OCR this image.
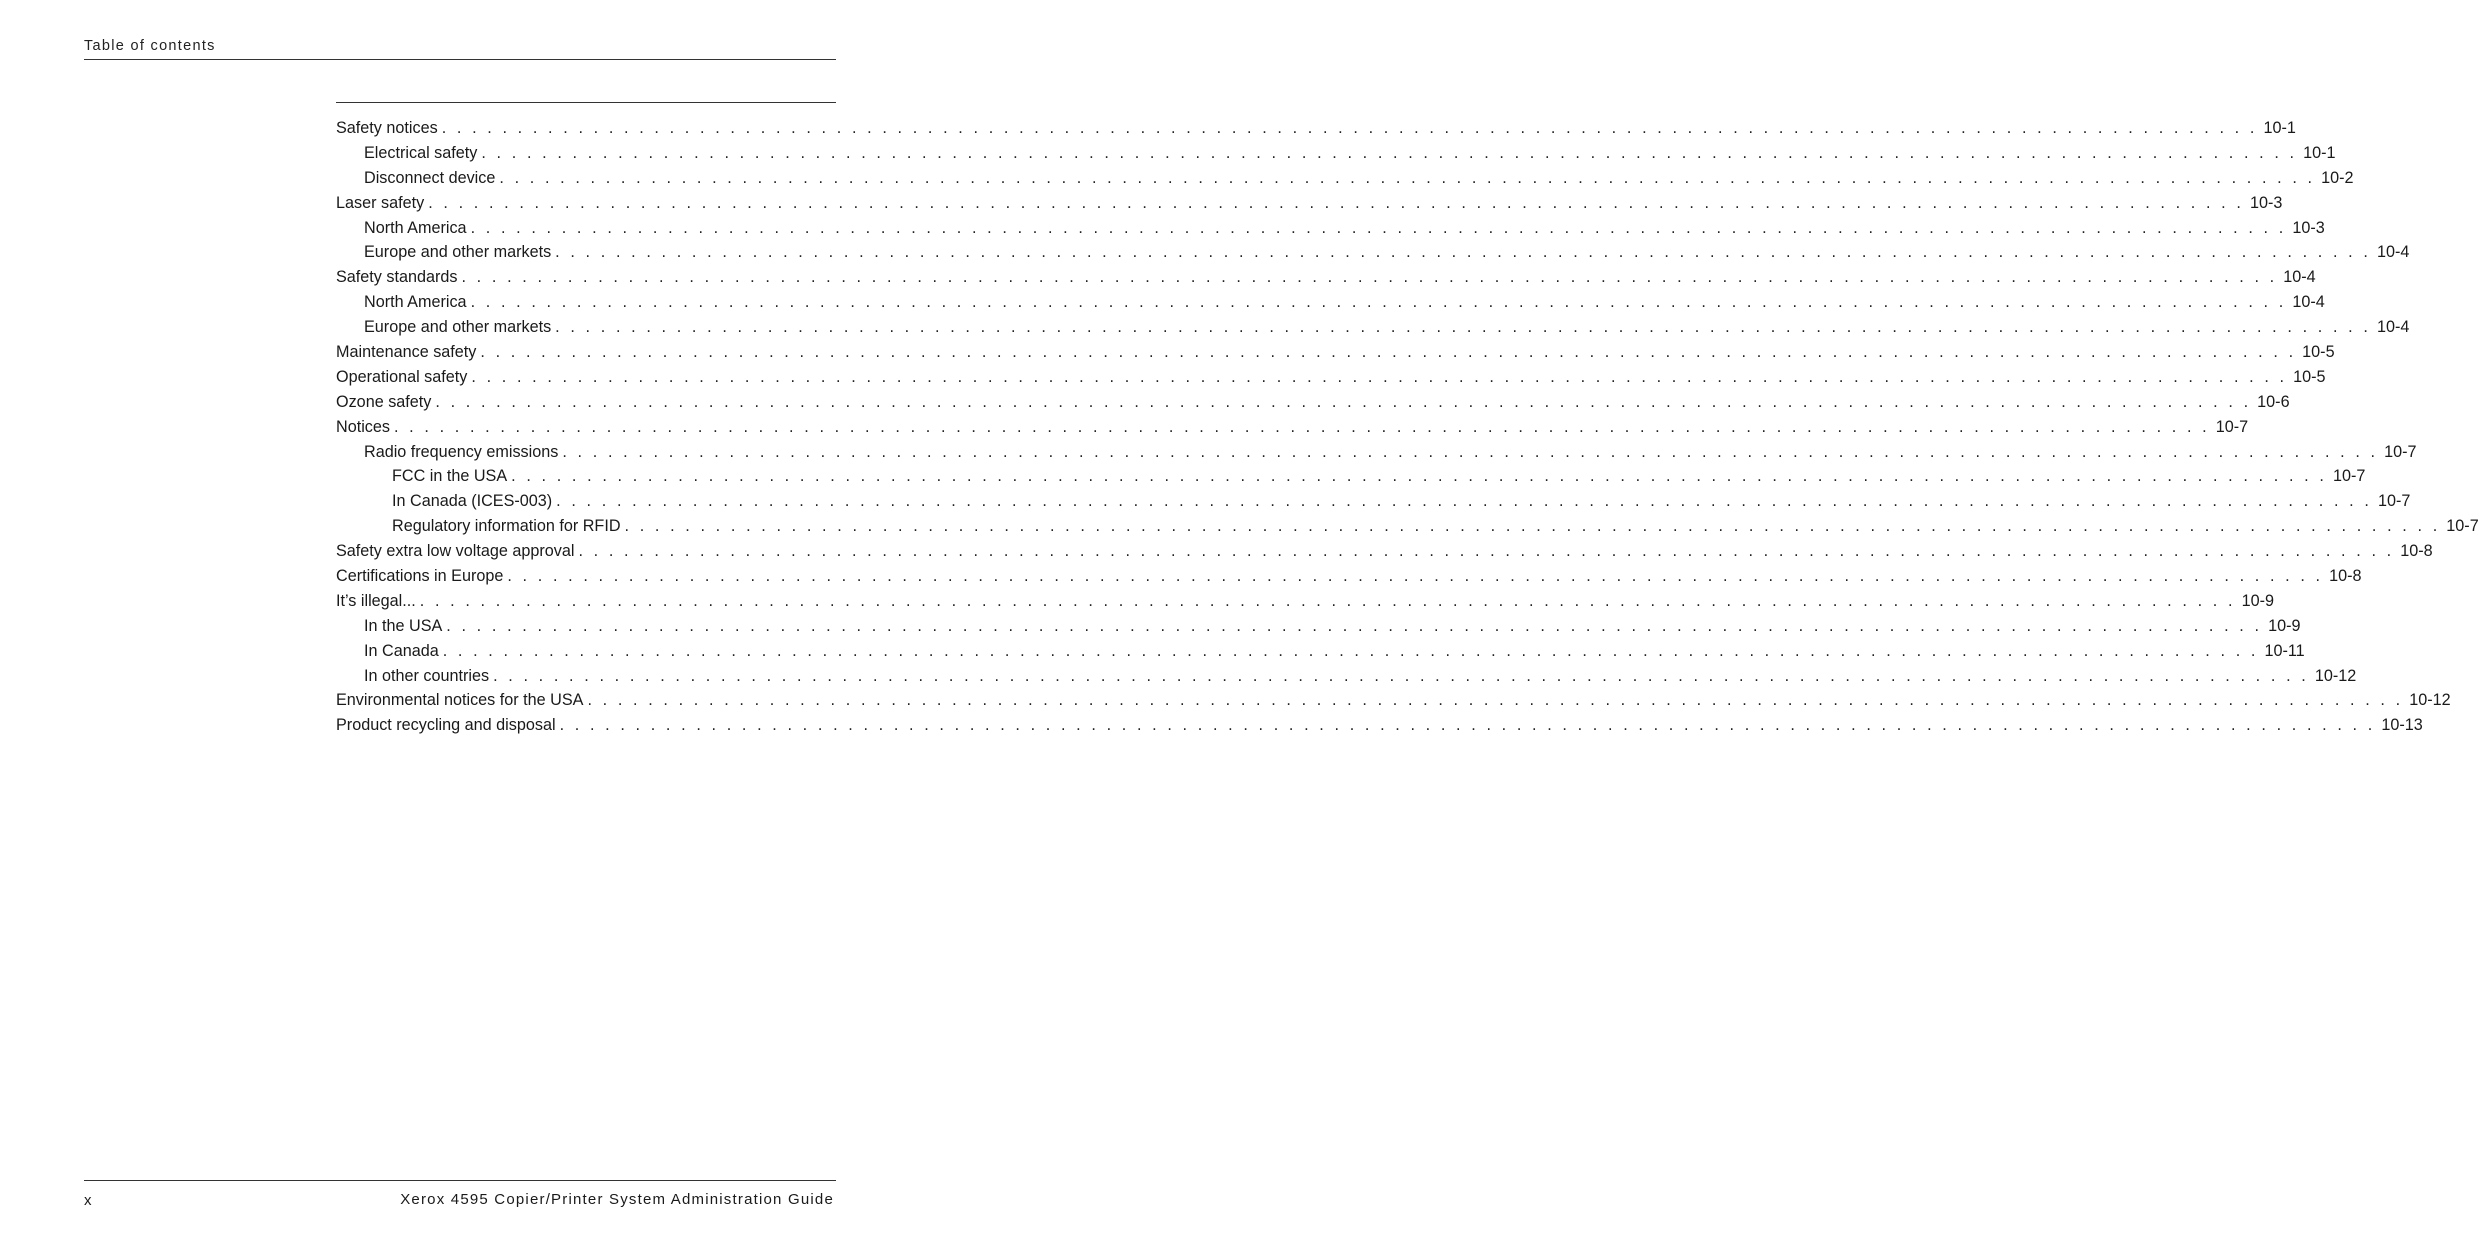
Table of contents
Safety notices . . . . . . . . . . . . . . . . . . . . . . . . . . . . . . . . . . . . . . . . . . . . . . . . . . . . . . . . . . . . . . . . . . . . . . . . . . . . . . . . . . . . . . . . . . . . . . . . . . . . . . . . . . . . . . . . . . . . . . . . 10-1
Electrical safety . . . . . . . . . . . . . . . . . . . . . . . . . . . . . . . . . . . . . . . . . . . . . . . . . . . . . . . . . . . . . . . . . . . . . . . . . . . . . . . . . . . . . . . . . . . . . . . . . . . . . . . . . . . . . . . . . . . . . . . . 10-1
Disconnect device . . . . . . . . . . . . . . . . . . . . . . . . . . . . . . . . . . . . . . . . . . . . . . . . . . . . . . . . . . . . . . . . . . . . . . . . . . . . . . . . . . . . . . . . . . . . . . . . . . . . . . . . . . . . . . . . . . . . . . . . 10-2
Laser safety . . . . . . . . . . . . . . . . . . . . . . . . . . . . . . . . . . . . . . . . . . . . . . . . . . . . . . . . . . . . . . . . . . . . . . . . . . . . . . . . . . . . . . . . . . . . . . . . . . . . . . . . . . . . . . . . . . . . . . . . 10-3
North America . . . . . . . . . . . . . . . . . . . . . . . . . . . . . . . . . . . . . . . . . . . . . . . . . . . . . . . . . . . . . . . . . . . . . . . . . . . . . . . . . . . . . . . . . . . . . . . . . . . . . . . . . . . . . . . . . . . . . . . . 10-3
Europe and other markets . . . . . . . . . . . . . . . . . . . . . . . . . . . . . . . . . . . . . . . . . . . . . . . . . . . . . . . . . . . . . . . . . . . . . . . . . . . . . . . . . . . . . . . . . . . . . . . . . . . . . . . . . . . . . . . . . . . . . . . . 10-4
Safety standards . . . . . . . . . . . . . . . . . . . . . . . . . . . . . . . . . . . . . . . . . . . . . . . . . . . . . . . . . . . . . . . . . . . . . . . . . . . . . . . . . . . . . . . . . . . . . . . . . . . . . . . . . . . . . . . . . . . . . . . . 10-4
North America . . . . . . . . . . . . . . . . . . . . . . . . . . . . . . . . . . . . . . . . . . . . . . . . . . . . . . . . . . . . . . . . . . . . . . . . . . . . . . . . . . . . . . . . . . . . . . . . . . . . . . . . . . . . . . . . . . . . . . . . 10-4
Europe and other markets . . . . . . . . . . . . . . . . . . . . . . . . . . . . . . . . . . . . . . . . . . . . . . . . . . . . . . . . . . . . . . . . . . . . . . . . . . . . . . . . . . . . . . . . . . . . . . . . . . . . . . . . . . . . . . . . . . . . . . . . 10-4
Maintenance safety . . . . . . . . . . . . . . . . . . . . . . . . . . . . . . . . . . . . . . . . . . . . . . . . . . . . . . . . . . . . . . . . . . . . . . . . . . . . . . . . . . . . . . . . . . . . . . . . . . . . . . . . . . . . . . . . . . . . . . . . 10-5
Operational safety . . . . . . . . . . . . . . . . . . . . . . . . . . . . . . . . . . . . . . . . . . . . . . . . . . . . . . . . . . . . . . . . . . . . . . . . . . . . . . . . . . . . . . . . . . . . . . . . . . . . . . . . . . . . . . . . . . . . . . . . 10-5
Ozone safety . . . . . . . . . . . . . . . . . . . . . . . . . . . . . . . . . . . . . . . . . . . . . . . . . . . . . . . . . . . . . . . . . . . . . . . . . . . . . . . . . . . . . . . . . . . . . . . . . . . . . . . . . . . . . . . . . . . . . . . . 10-6
Notices . . . . . . . . . . . . . . . . . . . . . . . . . . . . . . . . . . . . . . . . . . . . . . . . . . . . . . . . . . . . . . . . . . . . . . . . . . . . . . . . . . . . . . . . . . . . . . . . . . . . . . . . . . . . . . . . . . . . . . . . 10-7
Radio frequency emissions . . . . . . . . . . . . . . . . . . . . . . . . . . . . . . . . . . . . . . . . . . . . . . . . . . . . . . . . . . . . . . . . . . . . . . . . . . . . . . . . . . . . . . . . . . . . . . . . . . . . . . . . . . . . . . . . . . . . . . . . 10-7
FCC in the USA . . . . . . . . . . . . . . . . . . . . . . . . . . . . . . . . . . . . . . . . . . . . . . . . . . . . . . . . . . . . . . . . . . . . . . . . . . . . . . . . . . . . . . . . . . . . . . . . . . . . . . . . . . . . . . . . . . . . . . . . 10-7
In Canada (ICES-003) . . . . . . . . . . . . . . . . . . . . . . . . . . . . . . . . . . . . . . . . . . . . . . . . . . . . . . . . . . . . . . . . . . . . . . . . . . . . . . . . . . . . . . . . . . . . . . . . . . . . . . . . . . . . . . . . . . . . . . . . 10-7
Regulatory information for RFID . . . . . . . . . . . . . . . . . . . . . . . . . . . . . . . . . . . . . . . . . . . . . . . . . . . . . . . . . . . . . . . . . . . . . . . . . . . . . . . . . . . . . . . . . . . . . . . . . . . . . . . . . . . . . . . . . . . . . . . . 10-7
Safety extra low voltage approval . . . . . . . . . . . . . . . . . . . . . . . . . . . . . . . . . . . . . . . . . . . . . . . . . . . . . . . . . . . . . . . . . . . . . . . . . . . . . . . . . . . . . . . . . . . . . . . . . . . . . . . . . . . . . . . . . . . . . . . . 10-8
Certifications in Europe . . . . . . . . . . . . . . . . . . . . . . . . . . . . . . . . . . . . . . . . . . . . . . . . . . . . . . . . . . . . . . . . . . . . . . . . . . . . . . . . . . . . . . . . . . . . . . . . . . . . . . . . . . . . . . . . . . . . . . . . 10-8
It’s illegal... . . . . . . . . . . . . . . . . . . . . . . . . . . . . . . . . . . . . . . . . . . . . . . . . . . . . . . . . . . . . . . . . . . . . . . . . . . . . . . . . . . . . . . . . . . . . . . . . . . . . . . . . . . . . . . . . . . . . . . . . 10-9
In the USA . . . . . . . . . . . . . . . . . . . . . . . . . . . . . . . . . . . . . . . . . . . . . . . . . . . . . . . . . . . . . . . . . . . . . . . . . . . . . . . . . . . . . . . . . . . . . . . . . . . . . . . . . . . . . . . . . . . . . . . . 10-9
In Canada . . . . . . . . . . . . . . . . . . . . . . . . . . . . . . . . . . . . . . . . . . . . . . . . . . . . . . . . . . . . . . . . . . . . . . . . . . . . . . . . . . . . . . . . . . . . . . . . . . . . . . . . . . . . . . . . . . . . . . . . 10-11
In other countries . . . . . . . . . . . . . . . . . . . . . . . . . . . . . . . . . . . . . . . . . . . . . . . . . . . . . . . . . . . . . . . . . . . . . . . . . . . . . . . . . . . . . . . . . . . . . . . . . . . . . . . . . . . . . . . . . . . . . . . . 10-12
Environmental notices for the USA . . . . . . . . . . . . . . . . . . . . . . . . . . . . . . . . . . . . . . . . . . . . . . . . . . . . . . . . . . . . . . . . . . . . . . . . . . . . . . . . . . . . . . . . . . . . . . . . . . . . . . . . . . . . . . . . . . . . . . . . 10-12
Product recycling and disposal . . . . . . . . . . . . . . . . . . . . . . . . . . . . . . . . . . . . . . . . . . . . . . . . . . . . . . . . . . . . . . . . . . . . . . . . . . . . . . . . . . . . . . . . . . . . . . . . . . . . . . . . . . . . . . . . . . . . . . . . 10-13
x	Xerox 4595 Copier/Printer System Administration Guide
